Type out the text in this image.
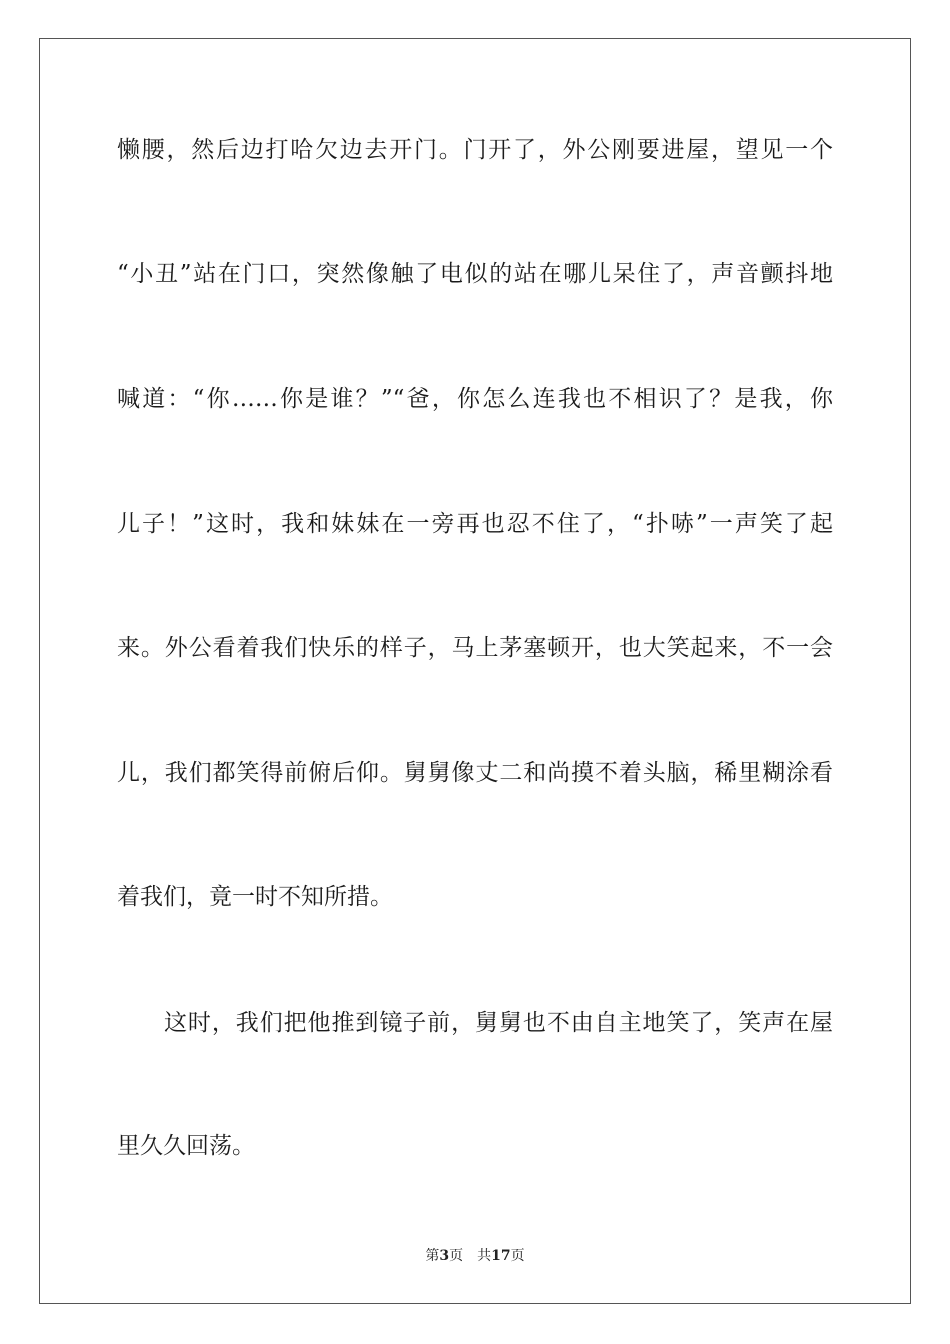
懒腰，然后边打哈欠边去开门。门开了，外公刚要进屋，望见一个
“小丑”站在门口，突然像触了电似的站在哪儿呆住了，声音颤抖地
喊道：“你……你是谁？”“爸，你怎么连我也不相识了？是我，你
儿子！”这时，我和妹妹在一旁再也忍不住了，“扑哧”一声笑了起
来。外公看着我们快乐的样子，马上茅塞顿开，也大笑起来，不一会
儿，我们都笑得前俯后仰。舅舅像丈二和尚摸不着头脑，稀里糊涂看
着我们，竟一时不知所措。
这时，我们把他推到镜子前，舅舅也不由自主地笑了，笑声在屋
里久久回荡。
第3页 共17页
